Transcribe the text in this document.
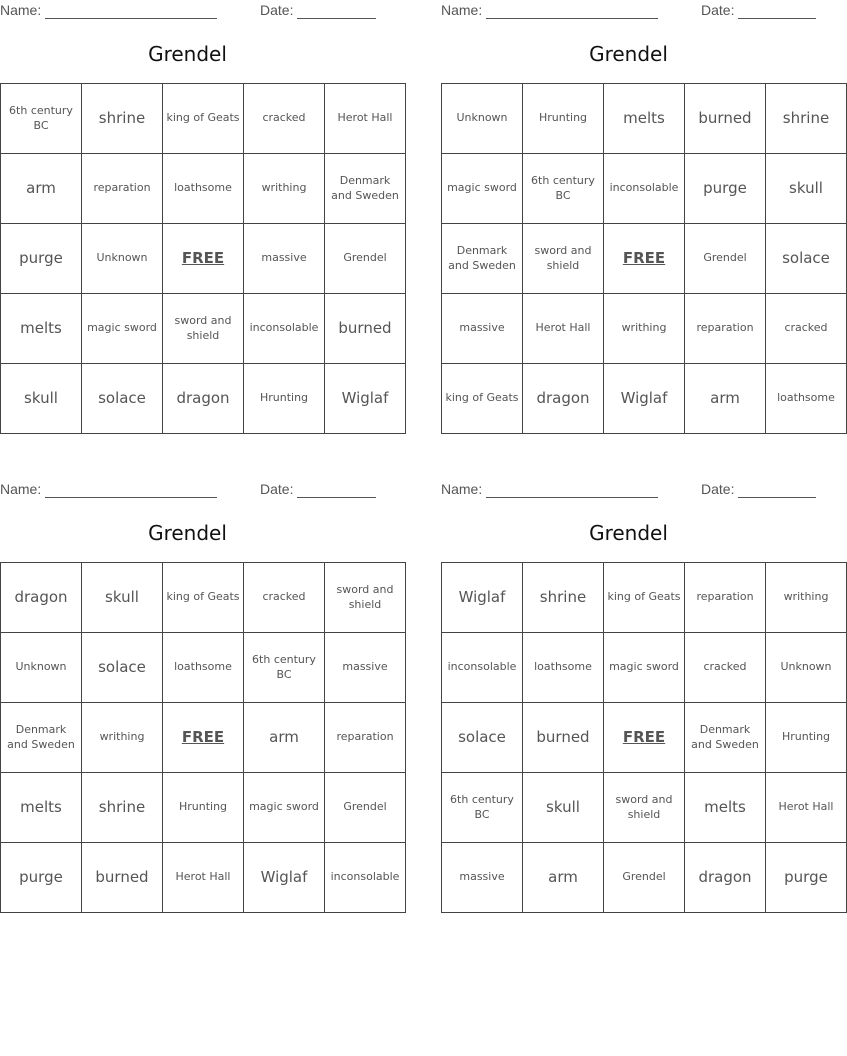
Name:	Date:
Grendel
6th century BC	shrine	king of Geats	cracked	Herot Hall
arm	reparation	loathsome	writhing	Denmark and Sweden
purge	Unknown	FREE	massive	Grendel
melts	magic sword	sword and shield	inconsolable	burned
skull	solace	dragon	Hrunting	Wiglaf
Name:	Date:
Grendel
Unknown	Hrunting	melts	burned	shrine
magic sword	6th century BC	inconsolable	purge	skull
Denmark and Sweden	sword and shield	FREE	Grendel	solace
massive	Herot Hall	writhing	reparation	cracked
king of Geats	dragon	Wiglaf	arm	loathsome
Name:	Date:
Grendel
dragon	skull	king of Geats	cracked	sword and shield
Unknown	solace	loathsome	6th century BC	massive
Denmark and Sweden	writhing	FREE	arm	reparation
melts	shrine	Hrunting	magic sword	Grendel
purge	burned	Herot Hall	Wiglaf	inconsolable
Name:	Date:
Grendel
Wiglaf	shrine	king of Geats	reparation	writhing
inconsolable	loathsome	magic sword	cracked	Unknown
solace	burned	FREE	Denmark and Sweden	Hrunting
6th century BC	skull	sword and shield	melts	Herot Hall
massive	arm	Grendel	dragon	purge
